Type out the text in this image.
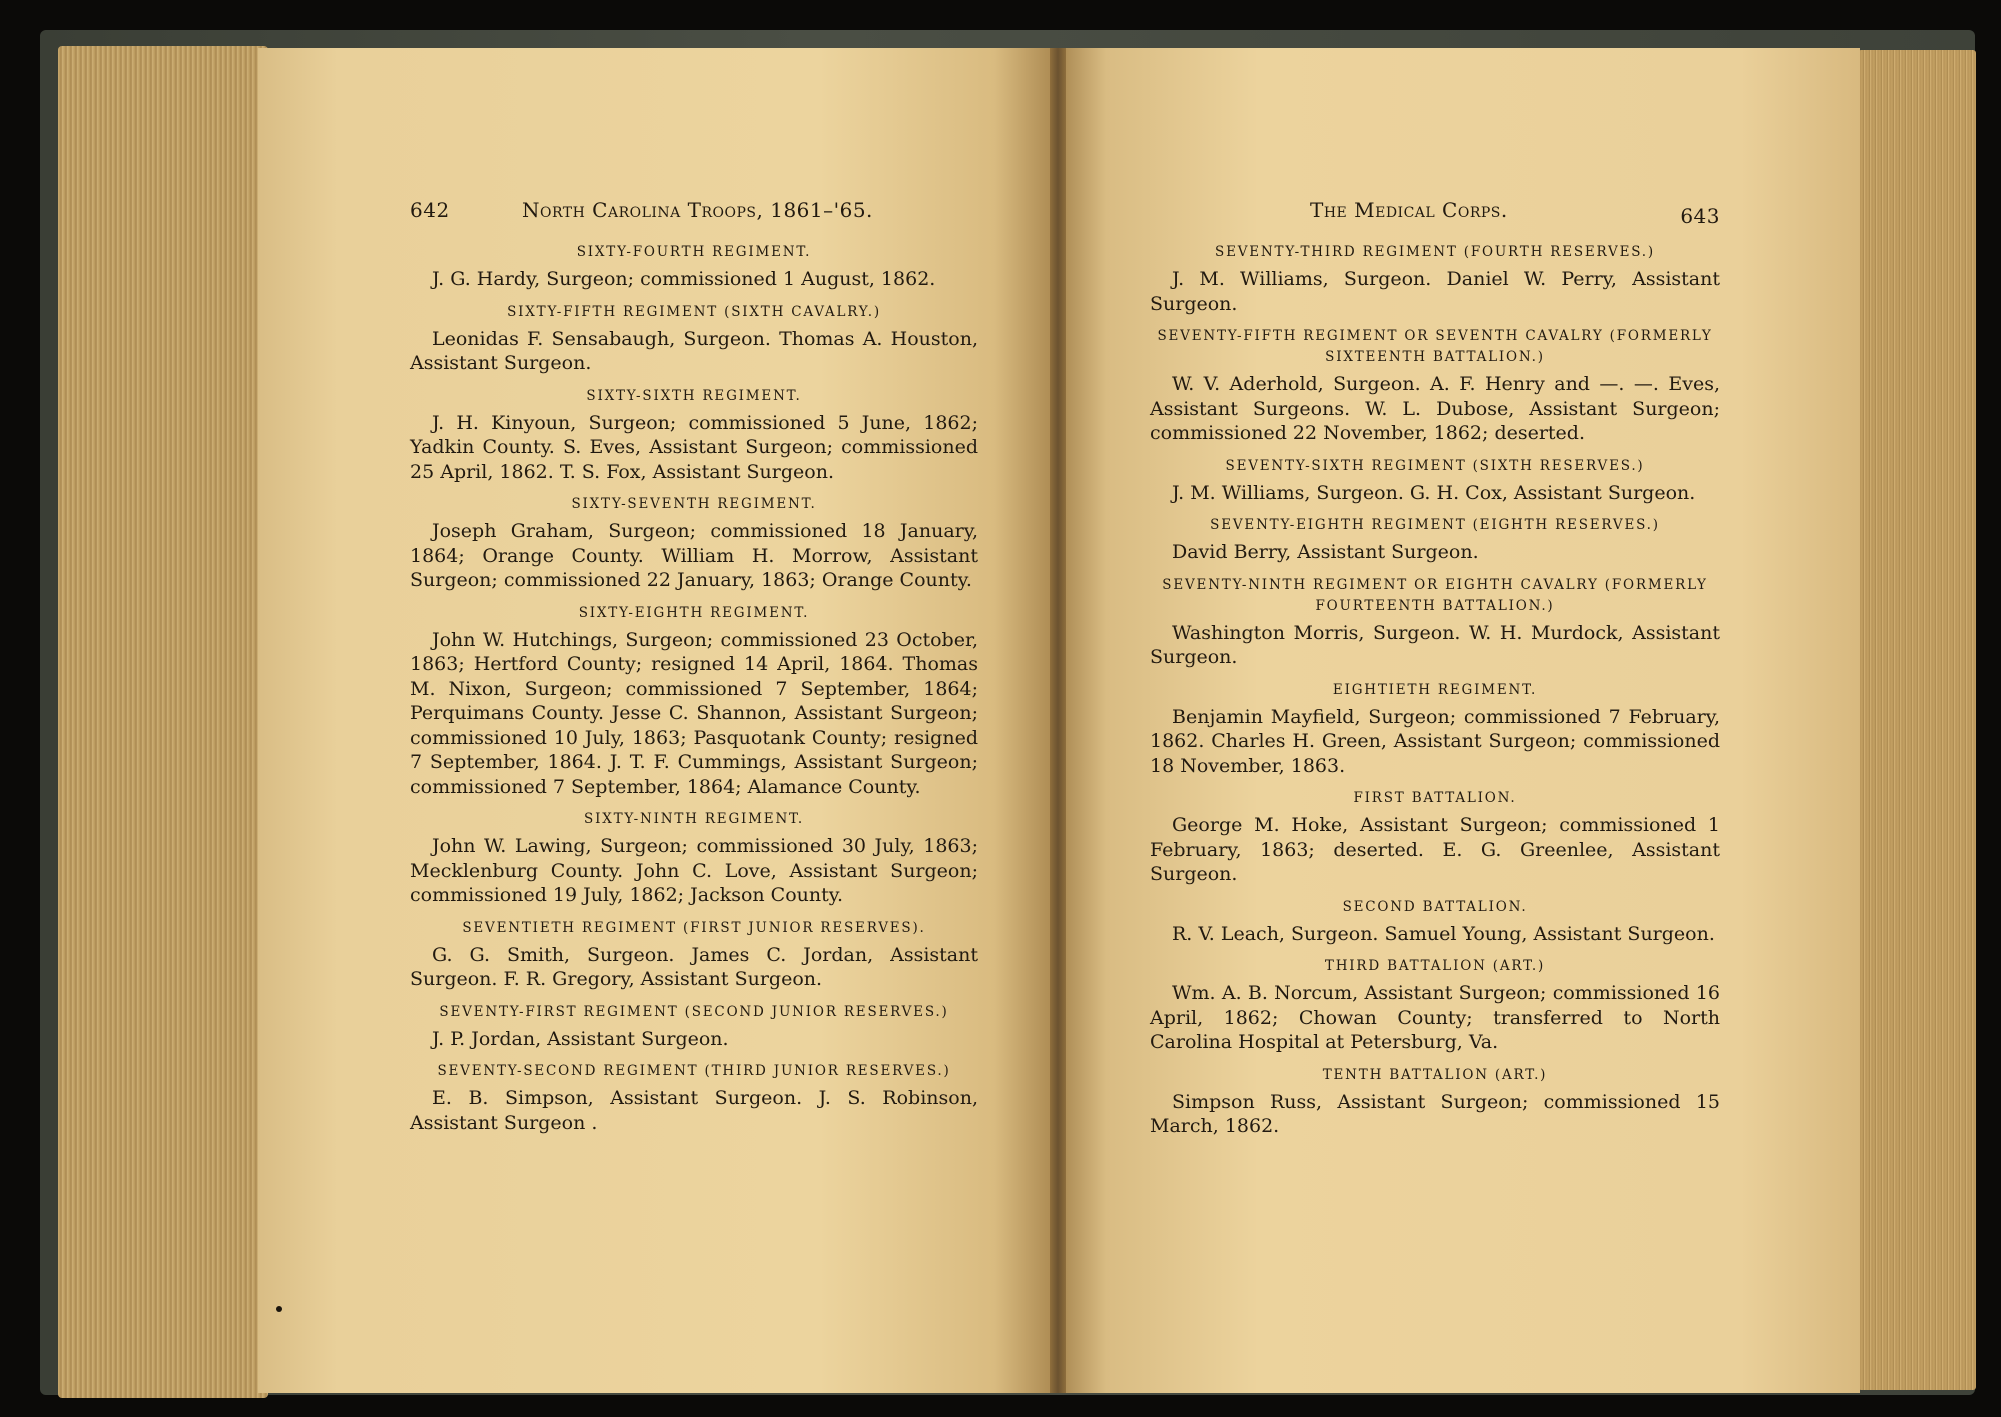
642	North Carolina Troops, 1861–'65.
SIXTY-FOURTH REGIMENT.
J. G. Hardy, Surgeon; commissioned 1 August, 1862.
SIXTY-FIFTH REGIMENT (SIXTH CAVALRY.)
Leonidas F. Sensabaugh, Surgeon. Thomas A. Houston, Assistant Surgeon.
SIXTY-SIXTH REGIMENT.
J. H. Kinyoun, Surgeon; commissioned 5 June, 1862; Yadkin County. S. Eves, Assistant Surgeon; commissioned 25 April, 1862. T. S. Fox, Assistant Surgeon.
SIXTY-SEVENTH REGIMENT.
Joseph Graham, Surgeon; commissioned 18 January, 1864; Orange County. William H. Morrow, Assistant Surgeon; commissioned 22 January, 1863; Orange County.
SIXTY-EIGHTH REGIMENT.
John W. Hutchings, Surgeon; commissioned 23 October, 1863; Hertford County; resigned 14 April, 1864. Thomas M. Nixon, Surgeon; commissioned 7 September, 1864; Perquimans County. Jesse C. Shannon, Assistant Surgeon; commissioned 10 July, 1863; Pasquotank County; resigned 7 September, 1864. J. T. F. Cummings, Assistant Surgeon; commissioned 7 September, 1864; Alamance County.
SIXTY-NINTH REGIMENT.
John W. Lawing, Surgeon; commissioned 30 July, 1863; Mecklenburg County. John C. Love, Assistant Surgeon; commissioned 19 July, 1862; Jackson County.
SEVENTIETH REGIMENT (FIRST JUNIOR RESERVES).
G. G. Smith, Surgeon. James C. Jordan, Assistant Surgeon. F. R. Gregory, Assistant Surgeon.
SEVENTY-FIRST REGIMENT (SECOND JUNIOR RESERVES.)
J. P. Jordan, Assistant Surgeon.
SEVENTY-SECOND REGIMENT (THIRD JUNIOR RESERVES.)
E. B. Simpson, Assistant Surgeon. J. S. Robinson, Assistant Surgeon .
The Medical Corps.	643
SEVENTY-THIRD REGIMENT (FOURTH RESERVES.)
J. M. Williams, Surgeon. Daniel W. Perry, Assistant Surgeon.
SEVENTY-FIFTH REGIMENT OR SEVENTH CAVALRY (FORMERLY SIXTEENTH BATTALION.)
W. V. Aderhold, Surgeon. A. F. Henry and —. —. Eves, Assistant Surgeons. W. L. Dubose, Assistant Surgeon; commissioned 22 November, 1862; deserted.
SEVENTY-SIXTH REGIMENT (SIXTH RESERVES.)
J. M. Williams, Surgeon. G. H. Cox, Assistant Surgeon.
SEVENTY-EIGHTH REGIMENT (EIGHTH RESERVES.)
David Berry, Assistant Surgeon.
SEVENTY-NINTH REGIMENT OR EIGHTH CAVALRY (FORMERLY FOURTEENTH BATTALION.)
Washington Morris, Surgeon. W. H. Murdock, Assistant Surgeon.
EIGHTIETH REGIMENT.
Benjamin Mayfield, Surgeon; commissioned 7 February, 1862. Charles H. Green, Assistant Surgeon; commissioned 18 November, 1863.
FIRST BATTALION.
George M. Hoke, Assistant Surgeon; commissioned 1 February, 1863; deserted. E. G. Greenlee, Assistant Surgeon.
SECOND BATTALION.
R. V. Leach, Surgeon. Samuel Young, Assistant Surgeon.
THIRD BATTALION (ART.)
Wm. A. B. Norcum, Assistant Surgeon; commissioned 16 April, 1862; Chowan County; transferred to North Carolina Hospital at Petersburg, Va.
TENTH BATTALION (ART.)
Simpson Russ, Assistant Surgeon; commissioned 15 March, 1862.
